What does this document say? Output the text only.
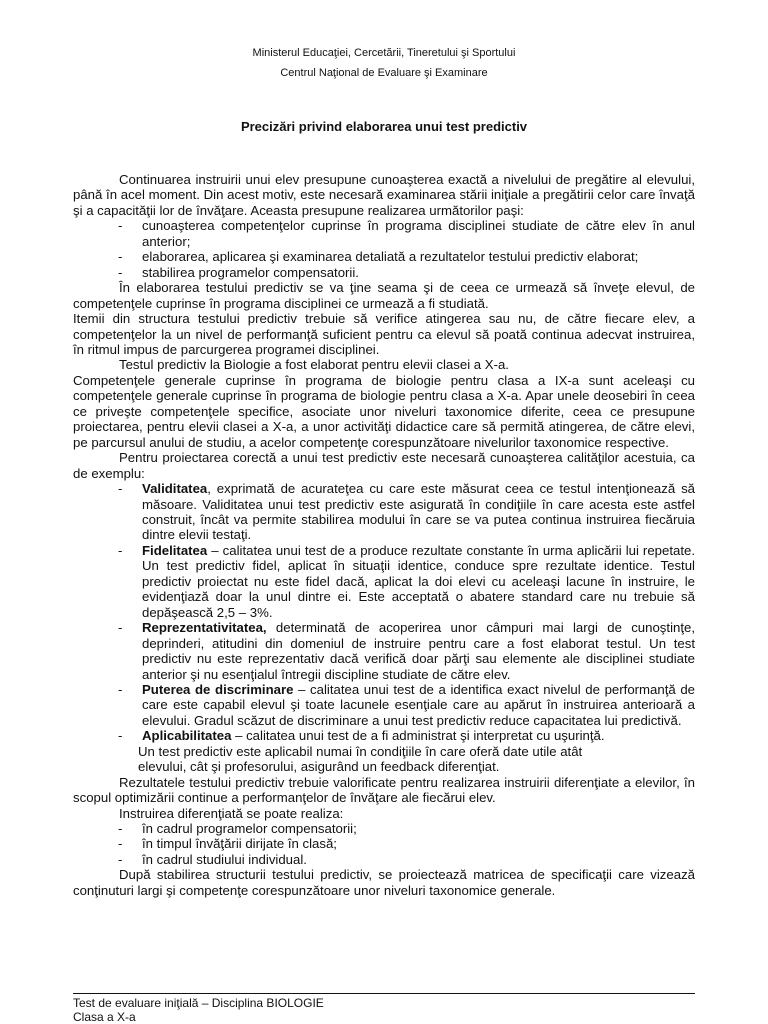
Ministerul Educaţiei, Cercetării, Tineretului şi Sportului
Centrul Naţional de Evaluare şi Examinare
Precizări privind elaborarea unui test predictiv

Continuarea instruirii unui elev presupune cunoaşterea exactă a nivelului de pregătire al elevului, până în acel moment. Din acest motiv, este necesară examinarea stării iniţiale a pregătirii celor care învaţă şi a capacităţii lor de învăţare. Aceasta presupune realizarea următorilor paşi:

-	cunoaşterea competenţelor cuprinse în programa disciplinei studiate de către elev în anul anterior;
-	elaborarea, aplicarea şi examinarea detaliată a rezultatelor testului predictiv elaborat;
-	stabilirea programelor compensatorii.

În elaborarea testului predictiv se va ţine seama şi de ceea ce urmează să înveţe elevul, de competenţele cuprinse în programa disciplinei ce urmează a fi studiată.

Itemii din structura testului predictiv trebuie să verifice atingerea sau nu, de către fiecare elev, a competenţelor la un nivel de performanţă suficient pentru ca elevul să poată continua adecvat instruirea, în ritmul impus de parcurgerea programei disciplinei.

Testul predictiv la Biologie a fost elaborat pentru elevii clasei a X-a.

Competenţele generale cuprinse în programa de biologie pentru clasa a IX-a sunt aceleaşi cu competenţele generale cuprinse în programa de biologie pentru clasa a X-a. Apar unele deosebiri în ceea ce priveşte competenţele specifice, asociate unor niveluri taxonomice diferite, ceea ce presupune proiectarea, pentru elevii clasei a X-a, a unor activităţi didactice care să permită atingerea, de către elevi, pe parcursul anului de studiu, a acelor competenţe corespunzătoare nivelurilor taxonomice respective.

Pentru proiectarea corectă a unui test predictiv este necesară cunoaşterea calităţilor acestuia, ca de exemplu:

-	Validitatea, exprimată de acurateţea cu care este măsurat ceea ce testul intenţionează să măsoare. Validitatea unui test predictiv este asigurată în condiţiile în care acesta este astfel construit, încât va permite stabilirea modului în care se va putea continua instruirea fiecăruia dintre elevii testaţi.
-	Fidelitatea – calitatea unui test de a produce rezultate constante în urma aplicării lui repetate. Un test predictiv fidel, aplicat în situaţii identice, conduce spre rezultate identice. Testul predictiv proiectat nu este fidel dacă, aplicat la doi elevi cu aceleaşi lacune în instruire, le evidenţiază doar la unul dintre ei. Este acceptată o abatere standard care nu trebuie să depăşească 2,5 – 3%.
-	Reprezentativitatea, determinată de acoperirea unor câmpuri mai largi de cunoştinţe, deprinderi, atitudini din domeniul de instruire pentru care a fost elaborat testul. Un test predictiv nu este reprezentativ dacă verifică doar părţi sau elemente ale disciplinei studiate anterior şi nu esenţialul întregii discipline studiate de către elev.
-	Puterea de discriminare – calitatea unui test de a identifica exact nivelul de performanţă de care este capabil elevul şi toate lacunele esenţiale care au apărut în instruirea anterioară a elevului. Gradul scăzut de discriminare a unui test predictiv reduce capacitatea lui predictivă.
-	Aplicabilitatea – calitatea unui test de a fi administrat şi interpretat cu uşurinţă.

Un test predictiv este aplicabil numai în condiţiile în care oferă date utile atât

elevului, cât şi profesorului, asigurând un feedback diferenţiat.

Rezultatele testului predictiv trebuie valorificate pentru realizarea instruirii diferenţiate a elevilor, în scopul optimizării continue a performanţelor de învăţare ale fiecărui elev.

Instruirea diferenţiată se poate realiza:

-	în cadrul programelor compensatorii;
-	în timpul învăţării dirijate în clasă;
-	în cadrul studiului individual.

După stabilirea structurii testului predictiv, se proiectează matricea de specificaţii care vizează conţinuturi largi şi competenţe corespunzătoare unor niveluri taxonomice generale.

Test de evaluare iniţială – Disciplina BIOLOGIE
Clasa a X-a
